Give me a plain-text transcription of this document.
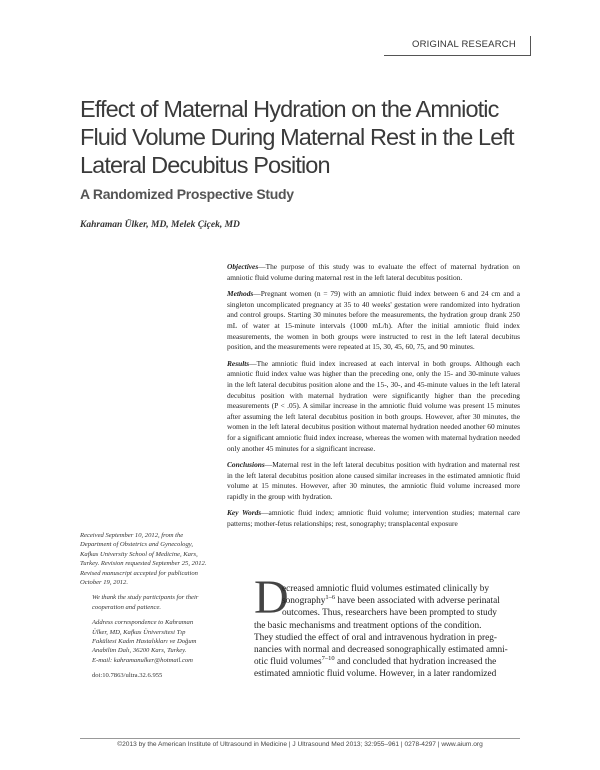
ORIGINAL RESEARCH
Effect of Maternal Hydration on the Amniotic Fluid Volume During Maternal Rest in the Left Lateral Decubitus Position
A Randomized Prospective Study
Kahraman Ülker, MD, Melek Çiçek, MD

Objectives—The purpose of this study was to evaluate the effect of maternal hydration on amniotic fluid volume during maternal rest in the left lateral decubitus position.

Methods—Pregnant women (n = 79) with an amniotic fluid index between 6 and 24 cm and a singleton uncomplicated pregnancy at 35 to 40 weeks' gestation were randomized into hydration and control groups. Starting 30 minutes before the measurements, the hydration group drank 250 mL of water at 15-minute intervals (1000 mL/h). After the initial amniotic fluid index measurements, the women in both groups were instructed to rest in the left lateral decubitus position, and the measurements were repeated at 15, 30, 45, 60, 75, and 90 minutes.

Results—The amniotic fluid index increased at each interval in both groups. Although each amniotic fluid index value was higher than the preceding one, only the 15- and 30-minute values in the left lateral decubitus position alone and the 15-, 30-, and 45-minute values in the left lateral decubitus position with maternal hydration were significantly higher than the preceding measurements (P < .05). A similar increase in the amniotic fluid volume was present 15 minutes after assuming the left lateral decubitus position in both groups. However, after 30 minutes, the women in the left lateral decubitus position without maternal hydration needed another 60 minutes for a significant amniotic fluid index increase, whereas the women with maternal hydration needed only another 45 minutes for a significant increase.

Conclusions—Maternal rest in the left lateral decubitus position with hydration and maternal rest in the left lateral decubitus position alone caused similar increases in the estimated amniotic fluid volume at 15 minutes. However, after 30 minutes, the amniotic fluid volume increased more rapidly in the group with hydration.

Key Words—amniotic fluid index; amniotic fluid volume; intervention studies; maternal care patterns; mother-fetus relationships; rest, sonography; transplacental exposure

Received September 10, 2012, from the Department of Obstetrics and Gynecology, Kafkas University School of Medicine, Kars, Turkey. Revision requested September 25, 2012. Revised manuscript accepted for publication October 19, 2012.

We thank the study participants for their cooperation and patience.

Address correspondence to Kahraman Ülker, MD, Kafkas Üniversitesi Tıp Fakültesi Kadın Hastalıkları ve Doğum Anabilim Dalı, 36200 Kars, Turkey.
E-mail: kahramanulker@hotmail.com

doi:10.7863/ultra.32.6.955

D
ecreased amniotic fluid volumes estimated clinically by
sonography$^{1-6}$ have been associated with adverse perinatal
outcomes. Thus, researchers have been prompted to study
the basic mechanisms and treatment options of the condition.
They studied the effect of oral and intravenous hydration in preg-
nancies with normal and decreased sonographically estimated amni-
otic fluid volumes$^{7-10}$ and concluded that hydration increased the
estimated amniotic fluid volume. However, in a later randomized
©2013 by the American Institute of Ultrasound in Medicine | J Ultrasound Med 2013; 32:955–961 | 0278-4297 | www.aium.org
